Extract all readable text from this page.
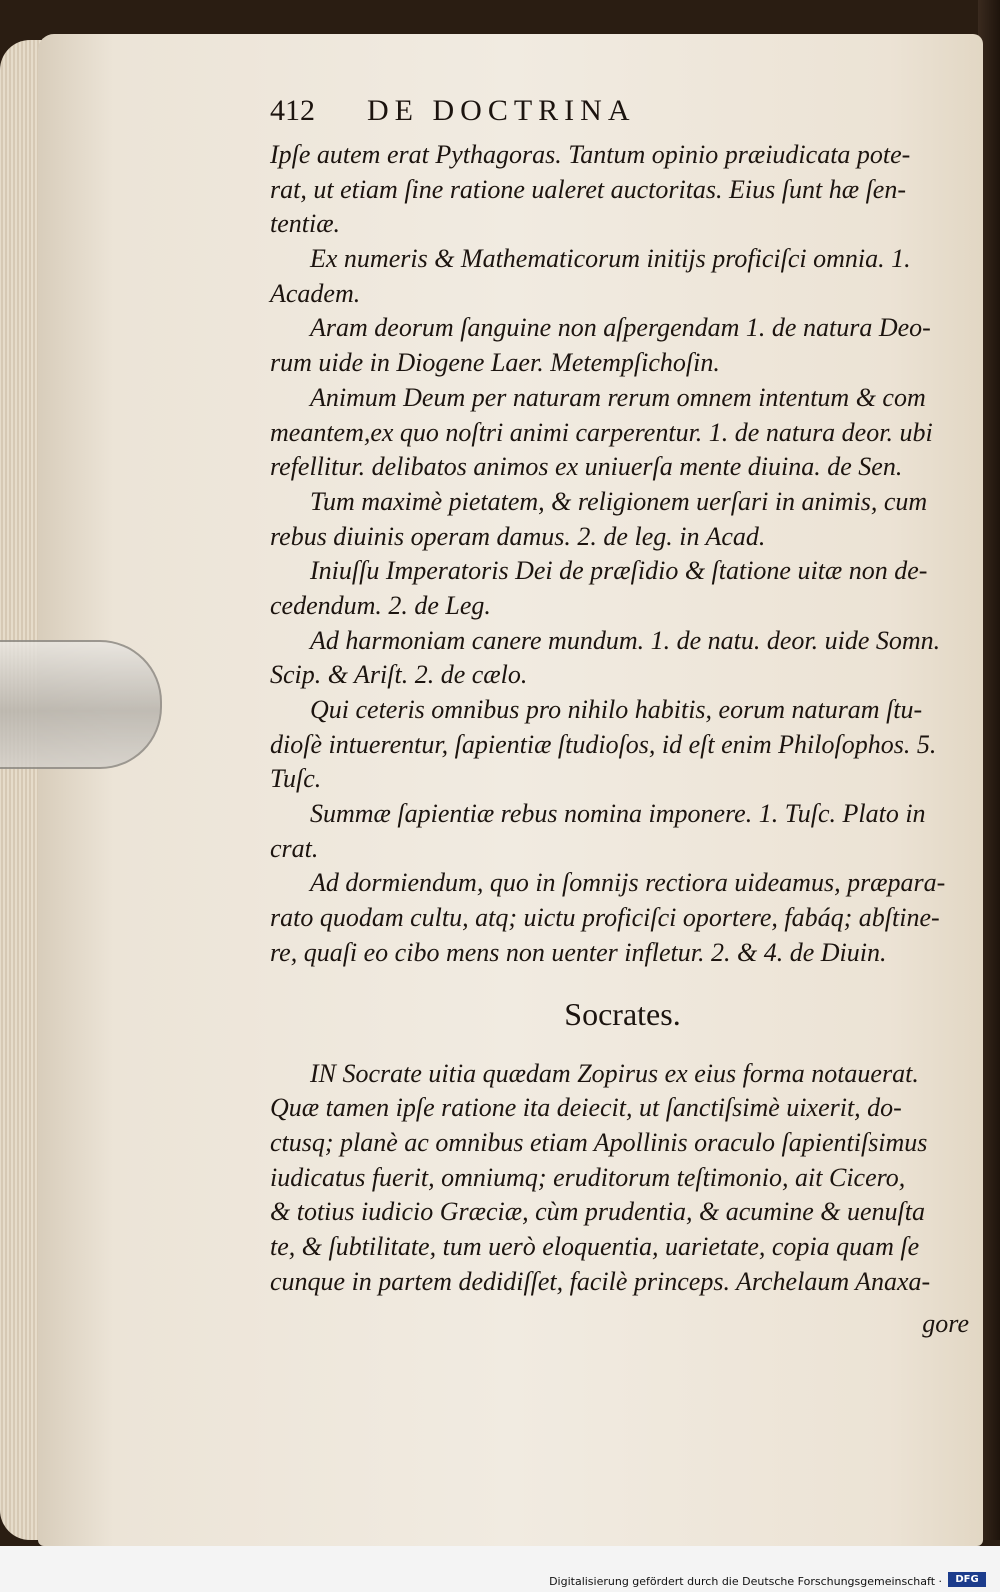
412 DE DOCTRINA
Ipſe autem erat Pythagoras. Tantum opinio præiudicata pote-
rat, ut etiam ſine ratione ualeret auctoritas. Eius ſunt hæ ſen-
tentiæ.
Ex numeris & Mathematicorum initijs proficiſci omnia. 1.
Academ.
Aram deorum ſanguine non aſpergendam 1. de natura Deo-
rum uide in Diogene Laer. Metempſichoſin.
Animum Deum per naturam rerum omnem intentum & com
meantem,ex quo noſtri animi carperentur. 1. de natura deor. ubi
refellitur. delibatos animos ex uniuerſa mente diuina. de Sen.
Tum maximè pietatem, & religionem uerſari in animis, cum
rebus diuinis operam damus. 2. de leg. in Acad.
Iniuſſu Imperatoris Dei de præſidio & ſtatione uitæ non de-
cedendum. 2. de Leg.
Ad harmoniam canere mundum. 1. de natu. deor. uide Somn.
Scip. & Ariſt. 2. de cælo.
Qui ceteris omnibus pro nihilo habitis, eorum naturam ſtu-
dioſè intuerentur, ſapientiæ ſtudioſos, id eſt enim Philoſophos. 5.
Tuſc.
Summæ ſapientiæ rebus nomina imponere. 1. Tuſc. Plato in
crat.
Ad dormiendum, quo in ſomnijs rectiora uideamus, præpara-
rato quodam cultu, atq; uictu proficiſci oportere, fabáq; abſtine-
re, quaſi eo cibo mens non uenter infletur. 2. & 4. de Diuin.
Socrates.
IN Socrate uitia quædam Zopirus ex eius forma notauerat.
Quæ tamen ipſe ratione ita deiecit, ut ſanctiſsimè uixerit, do-
ctusq; planè ac omnibus etiam Apollinis oraculo ſapientiſsimus
iudicatus fuerit, omniumq; eruditorum teſtimonio, ait Cicero,
& totius iudicio Græciæ, cùm prudentia, & acumine & uenuſta
te, & ſubtilitate, tum uerò eloquentia, uarietate, copia quam ſe
cunque in partem dedidiſſet, facilè princeps. Archelaum Anaxa-
gore
Digitalisierung gefördert durch die Deutsche Forschungsgemeinschaft ·	DFG
